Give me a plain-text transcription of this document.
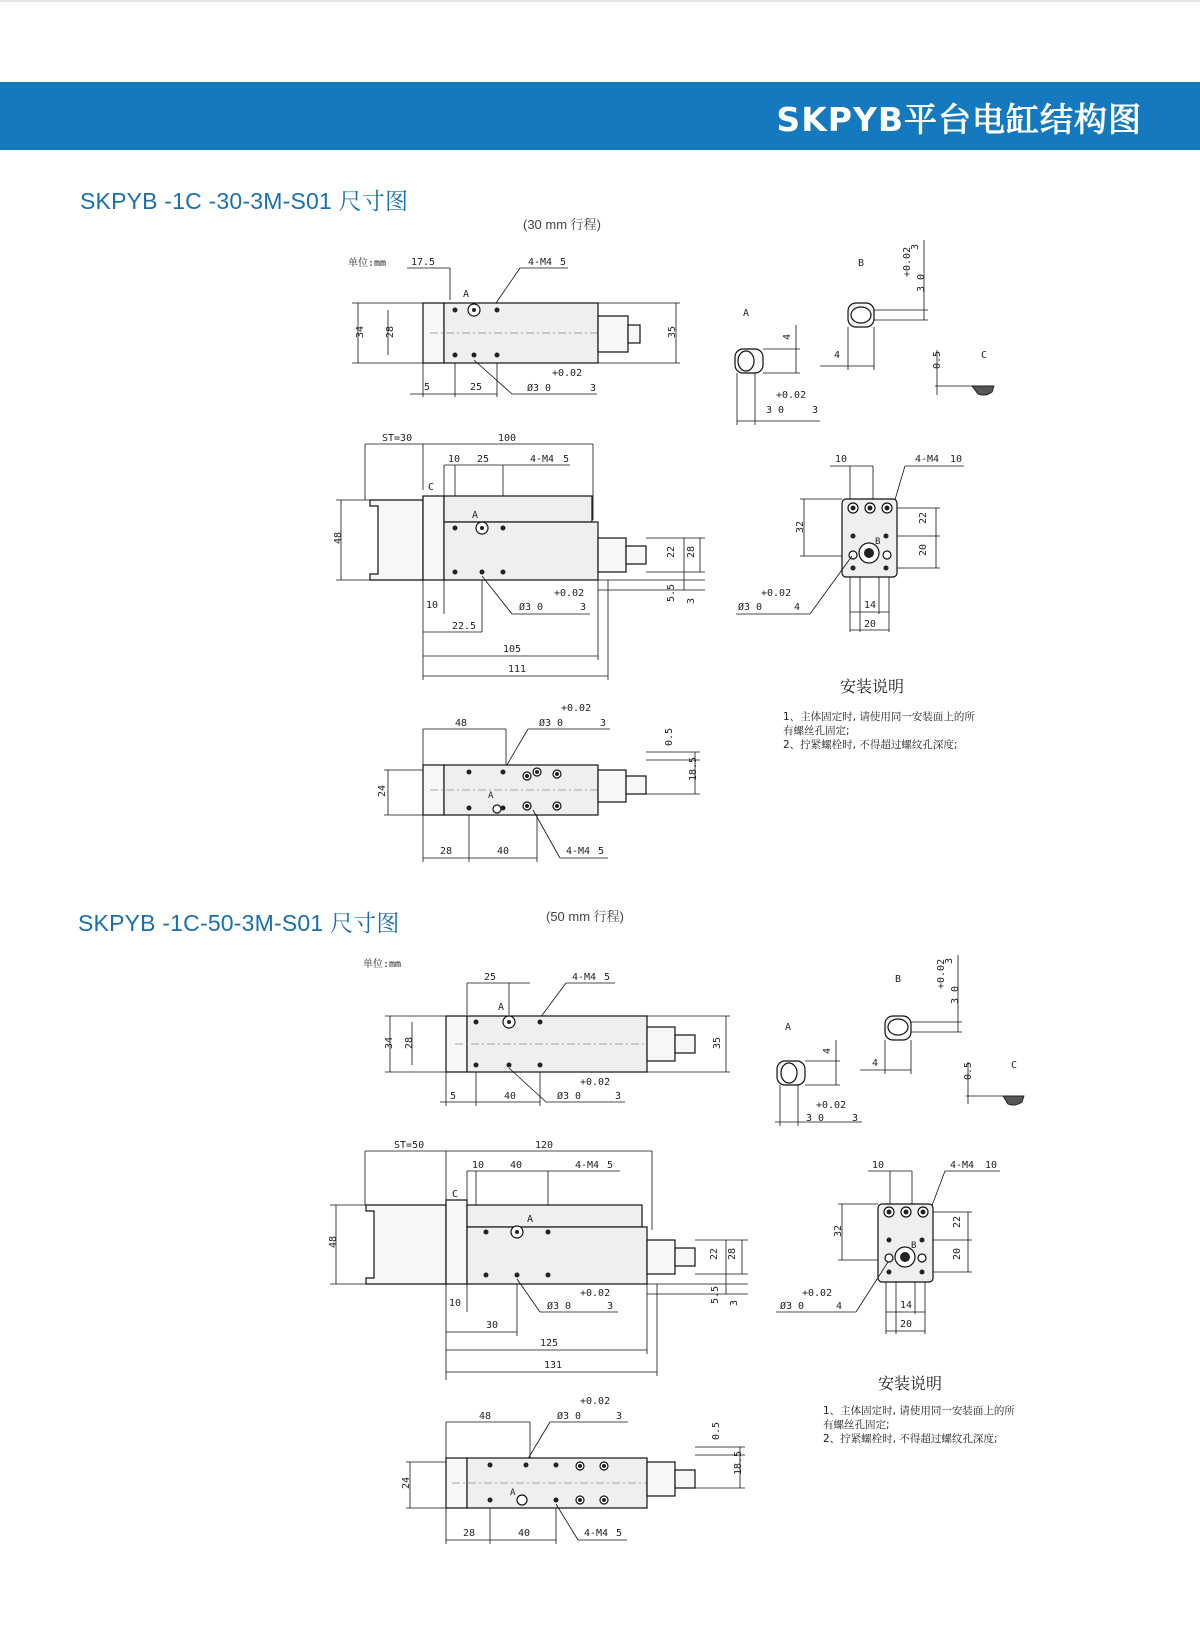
SKPYB平台电缸结构图
SKPYB -1C -30-3M-S01 尺寸图
(30 mm 行程)
单位:mm 17.5	4-M4 5
A
34 28	35
5	25
+0.02
Ø3 0	3
A
4
+0.02
3 0	3
B	+0.02
3 0
3
4	C
0.5
ST=30	100
10 25	4-M4 5
C
A
48
22 28
5.5 3
10
22.5
+0.02
Ø3 0	3
105
111
10	4-M4 10
B
32
22
20
+0.02
Ø3 0	4	14
20
+0.02
48	Ø3 0	3
A
0.5
18.5
24
28	40	4-M4 5
安装说明
1、主体固定时, 请使用同一安装面上的所
有螺丝孔固定;
2、拧紧螺栓时, 不得超过螺纹孔深度;
SKPYB -1C-50-3M-S01 尺寸图	(50 mm 行程)
单位:mm
25	4-M4 5
A
34 28	35
5	40
+0.02
Ø3 0	3
A
4
+0.02
3 0	3
B	+0.02
3 0
3
4	C
0.5
ST=50	120
10	40	4-M4 5
C
A
48
22 28
5.5 3
10
30
+0.02
Ø3 0	3
125
131
10	4-M4 10
B
32
22
20
+0.02
Ø3 0	4	14
20
+0.02
48	Ø3 0	3
A
0.5
18.5
24
28	40	4-M4 5
安装说明
1、主体固定时, 请使用同一安装面上的所
有螺丝孔固定;
2、拧紧螺栓时, 不得超过螺纹孔深度;
